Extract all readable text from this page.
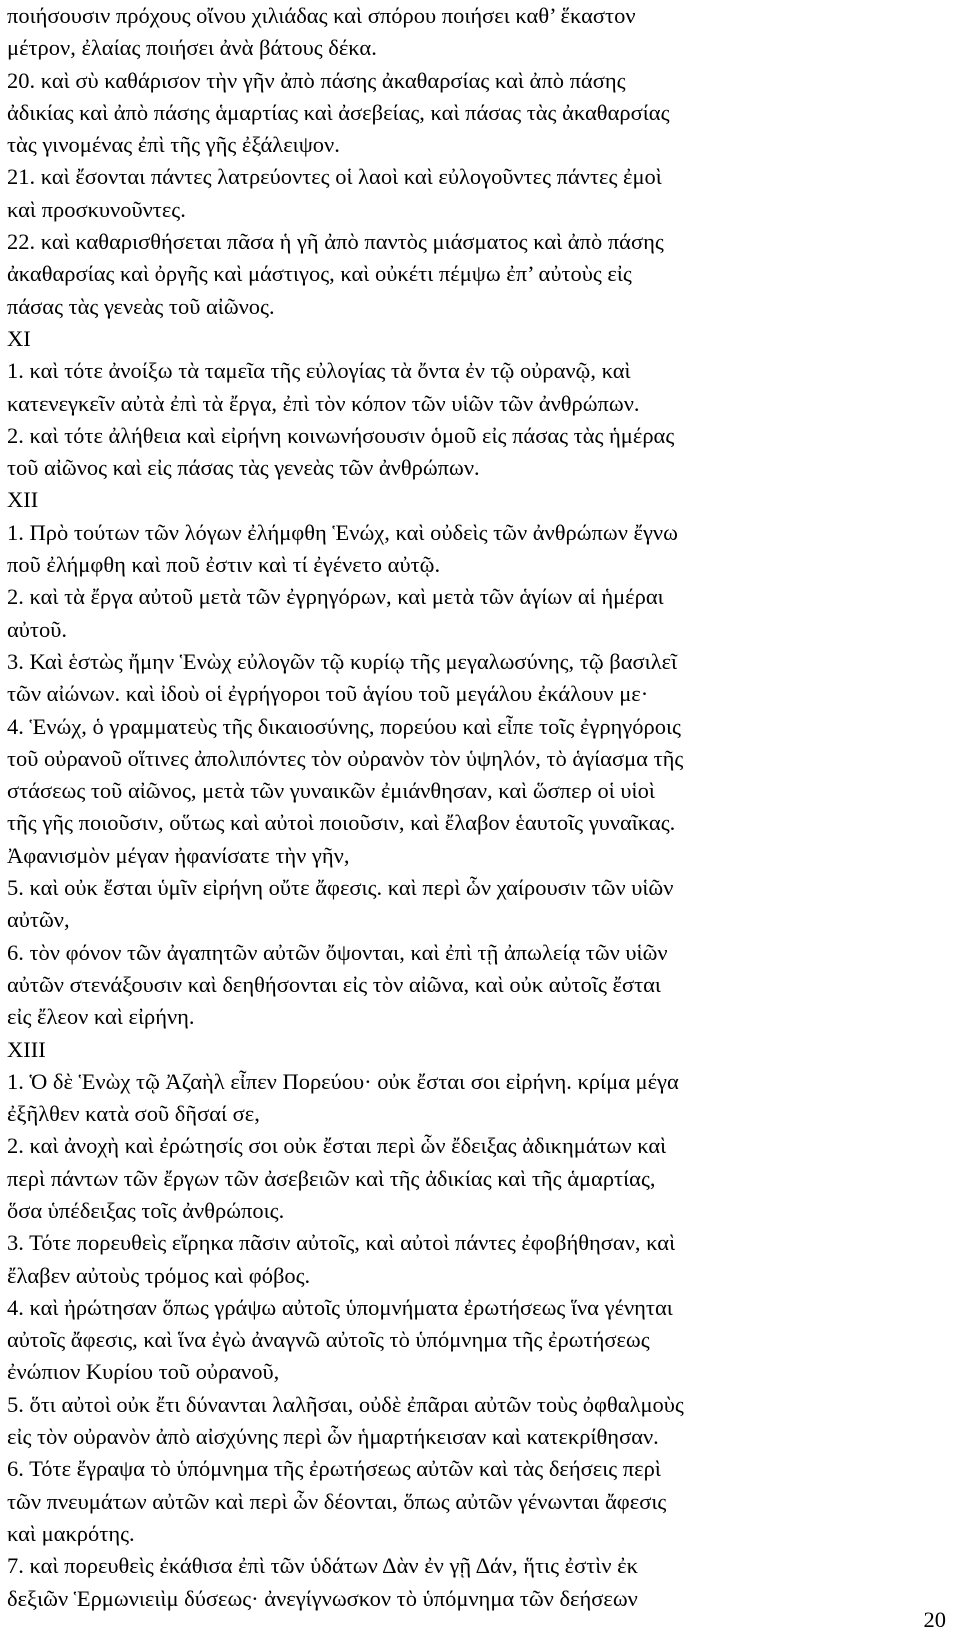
ποιήσουσιν πρόχους οἴνου χιλιάδας καὶ σπόρου ποιήσει καθ’ ἕκαστον
μέτρον, ἐλαίας ποιήσει ἀνὰ βάτους δέκα.
20. καὶ σὺ καθάρισον τὴν γῆν ἀπὸ πάσης ἀκαθαρσίας καὶ ἀπὸ πάσης
ἀδικίας καὶ ἀπὸ πάσης ἁμαρτίας καὶ ἀσεβείας, καὶ πάσας τὰς ἀκαθαρσίας
τὰς γινομένας ἐπὶ τῆς γῆς ἐξάλειψον.
21. καὶ ἔσονται πάντες λατρεύοντες οἱ λαοὶ καὶ εὐλογοῦντες πάντες ἐμοὶ
καὶ προσκυνοῦντες.
22. καὶ καθαρισθήσεται πᾶσα ἡ γῆ ἀπὸ παντὸς μιάσματος καὶ ἀπὸ πάσης
ἀκαθαρσίας καὶ ὀργῆς καὶ μάστιγος, καὶ οὐκέτι πέμψω ἐπ’ αὐτοὺς εἰς
πάσας τὰς γενεὰς τοῦ αἰῶνος.
XI
1. καὶ τότε ἀνοίξω τὰ ταμεῖα τῆς εὐλογίας τὰ ὄντα ἐν τῷ οὐρανῷ, καὶ
κατενεγκεῖν αὐτὰ ἐπὶ τὰ ἔργα, ἐπὶ τὸν κόπον τῶν υἱῶν τῶν ἀνθρώπων.
2. καὶ τότε ἀλήθεια καὶ εἰρήνη κοινωνήσουσιν ὁμοῦ εἰς πάσας τὰς ἡμέρας
τοῦ αἰῶνος καὶ εἰς πάσας τὰς γενεὰς τῶν ἀνθρώπων.
XII
1. Πρὸ τούτων τῶν λόγων ἐλήμφθη Ἑνώχ, καὶ οὐδεὶς τῶν ἀνθρώπων ἔγνω
ποῦ ἐλήμφθη καὶ ποῦ ἐστιν καὶ τί ἐγένετο αὐτῷ.
2. καὶ τὰ ἔργα αὐτοῦ μετὰ τῶν ἐγρηγόρων, καὶ μετὰ τῶν ἁγίων αἱ ἡμέραι
αὐτοῦ.
3. Καὶ ἑστὼς ἤμην Ἑνὼχ εὐλογῶν τῷ κυρίῳ τῆς μεγαλωσύνης, τῷ βασιλεῖ
τῶν αἰώνων. καὶ ἰδοὺ οἱ ἐγρήγοροι τοῦ ἁγίου τοῦ μεγάλου ἐκάλουν με·
4. Ἑνώχ, ὁ γραμματεὺς τῆς δικαιοσύνης, πορεύου καὶ εἶπε τοῖς ἐγρηγόροις
τοῦ οὐρανοῦ οἵτινες ἀπολιπόντες τὸν οὐρανὸν τὸν ὑψηλόν, τὸ ἁγίασμα τῆς
στάσεως τοῦ αἰῶνος, μετὰ τῶν γυναικῶν ἐμιάνθησαν, καὶ ὥσπερ οἱ υἱοὶ
τῆς γῆς ποιοῦσιν, οὕτως καὶ αὐτοὶ ποιοῦσιν, καὶ ἔλαβον ἑαυτοῖς γυναῖκας.
Ἀφανισμὸν μέγαν ἠφανίσατε τὴν γῆν,
5. καὶ οὐκ ἔσται ὑμῖν εἰρήνη οὔτε ἄφεσις. καὶ περὶ ὧν χαίρουσιν τῶν υἱῶν
αὐτῶν,
6. τὸν φόνον τῶν ἀγαπητῶν αὐτῶν ὄψονται, καὶ ἐπὶ τῇ ἀπωλείᾳ τῶν υἱῶν
αὐτῶν στενάξουσιν καὶ δεηθήσονται εἰς τὸν αἰῶνα, καὶ οὐκ αὐτοῖς ἔσται
εἰς ἔλεον καὶ εἰρήνη.
XIII
1. Ὁ δὲ Ἑνὼχ τῷ Ἀζαὴλ εἶπεν Πορεύου· οὐκ ἔσται σοι εἰρήνη. κρίμα μέγα
ἐξῆλθεν κατὰ σοῦ δῆσαί σε,
2. καὶ ἀνοχὴ καὶ ἐρώτησίς σοι οὐκ ἔσται περὶ ὧν ἔδειξας ἀδικημάτων καὶ
περὶ πάντων τῶν ἔργων τῶν ἀσεβειῶν καὶ τῆς ἀδικίας καὶ τῆς ἁμαρτίας,
ὅσα ὑπέδειξας τοῖς ἀνθρώποις.
3. Τότε πορευθεὶς εἴρηκα πᾶσιν αὐτοῖς, καὶ αὐτοὶ πάντες ἐφοβήθησαν, καὶ
ἔλαβεν αὐτοὺς τρόμος καὶ φόβος.
4. καὶ ἠρώτησαν ὅπως γράψω αὐτοῖς ὑπομνήματα ἐρωτήσεως ἵνα γένηται
αὐτοῖς ἄφεσις, καὶ ἵνα ἐγὼ ἀναγνῶ αὐτοῖς τὸ ὑπόμνημα τῆς ἐρωτήσεως
ἐνώπιον Κυρίου τοῦ οὐρανοῦ,
5. ὅτι αὐτοὶ οὐκ ἔτι δύνανται λαλῆσαι, οὐδὲ ἐπᾶραι αὐτῶν τοὺς ὀφθαλμοὺς
εἰς τὸν οὐρανὸν ἀπὸ αἰσχύνης περὶ ὧν ἡμαρτήκεισαν καὶ κατεκρίθησαν.
6. Τότε ἔγραψα τὸ ὑπόμνημα τῆς ἐρωτήσεως αὐτῶν καὶ τὰς δεήσεις περὶ
τῶν πνευμάτων αὐτῶν καὶ περὶ ὧν δέονται, ὅπως αὐτῶν γένωνται ἄφεσις
καὶ μακρότης.
7. καὶ πορευθεὶς ἐκάθισα ἐπὶ τῶν ὑδάτων Δὰν ἐν γῇ Δάν, ἥτις ἐστὶν ἐκ
δεξιῶν Ἑρμωνιειὶμ δύσεως· ἀνεγίγνωσκον τὸ ὑπόμνημα τῶν δεήσεων
20
